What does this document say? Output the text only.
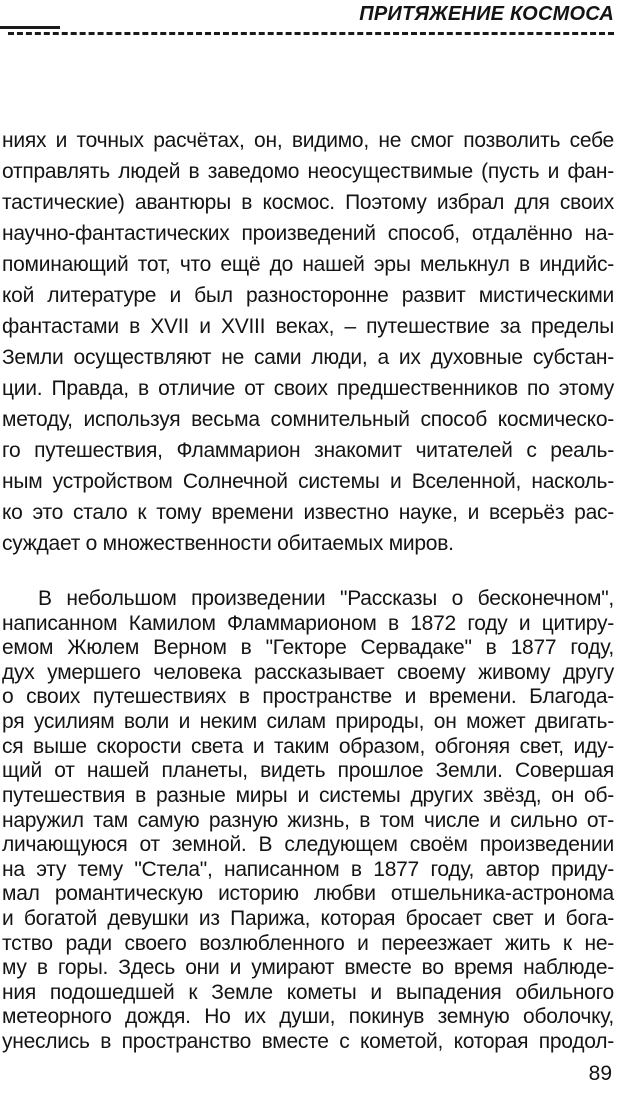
ПРИТЯЖЕНИЕ КОСМОСА
ниях и точных расчётах, он, видимо, не смог позволить себе
отправлять людей в заведомо неосуществимые (пусть и фан-
тастические) авантюры в космос. Поэтому избрал для своих
научно-фантастических произведений способ, отдалённо на-
поминающий тот, что ещё до нашей эры мелькнул в индийс-
кой литературе и был разносторонне развит мистическими
фантастами в XVII и XVIII веках, – путешествие за пределы
Земли осуществляют не сами люди, а их духовные субстан-
ции. Правда, в отличие от своих предшественников по этому
методу, используя весьма сомнительный способ космическо-
го путешествия, Фламмарион знакомит читателей с реаль-
ным устройством Солнечной системы и Вселенной, насколь-
ко это стало к тому времени известно науке, и всерьёз рас-
суждает о множественности обитаемых миров.
В небольшом произведении "Рассказы о бесконечном",
написанном Камилом Фламмарионом в 1872 году и цитиру-
емом Жюлем Верном в "Гекторе Сервадаке" в 1877 году,
дух умершего человека рассказывает своему живому другу
о своих путешествиях в пространстве и времени. Благода-
ря усилиям воли и неким силам природы, он может двигать-
ся выше скорости света и таким образом, обгоняя свет, иду-
щий от нашей планеты, видеть прошлое Земли. Совершая
путешествия в разные миры и системы других звёзд, он об-
наружил там самую разную жизнь, в том числе и сильно от-
личающуюся от земной. В следующем своём произведении
на эту тему "Стела", написанном в 1877 году, автор приду-
мал романтическую историю любви отшельника-астронома
и богатой девушки из Парижа, которая бросает свет и бога-
тство ради своего возлюбленного и переезжает жить к не-
му в горы. Здесь они и умирают вместе во время наблюде-
ния подошедшей к Земле кометы и выпадения обильного
метеорного дождя. Но их души, покинув земную оболочку,
унеслись в пространство вместе с кометой, которая продол-
89
